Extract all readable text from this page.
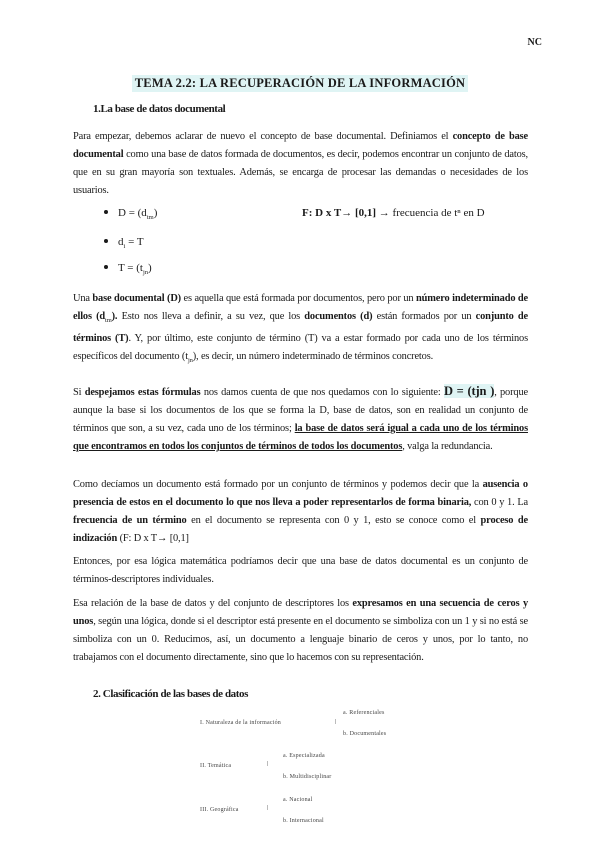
NC
TEMA 2.2: LA RECUPERACIÓN DE LA INFORMACIÓN
1.La base de datos documental
Para empezar, debemos aclarar de nuevo el concepto de base documental. Definiamos el concepto de base documental como una base de datos formada de documentos, es decir, podemos encontrar un conjunto de datos, que en su gran mayoría son textuales. Además, se encarga de procesar las demandas o necesidades de los usuarios.
$D = (d_{tm})$	F: D x T→ [0,1] → frecuencia de tⁿ en D
$d_i = T$
$T = (t_{jn})$
Una base documental (D) es aquella que está formada por documentos, pero por un número indeterminado de ellos $(d_{tm})$. Esto nos lleva a definir, a su vez, que los documentos (d) están formados por un conjunto de términos (T). Y, por último, este conjunto de término (T) va a estar formado por cada uno de los términos específicos del documento $(t_{jn})$, es decir, un número indeterminado de términos concretos.
Si despejamos estas fórmulas nos damos cuenta de que nos quedamos con lo siguiente: D = (tjn ), porque aunque la base si los documentos de los que se forma la D, base de datos, son en realidad un conjunto de términos que son, a su vez, cada uno de los términos; la base de datos será igual a cada uno de los términos que encontramos en todos los conjuntos de términos de todos los documentos, valga la redundancia.
Como decíamos un documento está formado por un conjunto de términos y podemos decir que la ausencia o presencia de estos en el documento lo que nos lleva a poder representarlos de forma binaria, con 0 y 1. La frecuencia de un término en el documento se representa con 0 y 1, esto se conoce como el proceso de indización (F: D x T→ [0,1]
Entonces, por esa lógica matemática podríamos decir que una base de datos documental es un conjunto de términos-descriptores individuales.
Esa relación de la base de datos y del conjunto de descriptores los expresamos en una secuencia de ceros y unos, según una lógica, donde si el descriptor está presente en el documento se simboliza con un 1 y si no está se simboliza con un 0. Reducimos, así, un documento a lenguaje binario de ceros y unos, por lo tanto, no trabajamos con el documento directamente, sino que lo hacemos con su representación.
2. Clasificación de las bases de datos
I. Naturaleza de la información
a. Referenciales
b. Documentales
II. Temática
a. Especializada
b. Multidisciplinar
III. Geográfica
a. Nacional
b. Internacional
